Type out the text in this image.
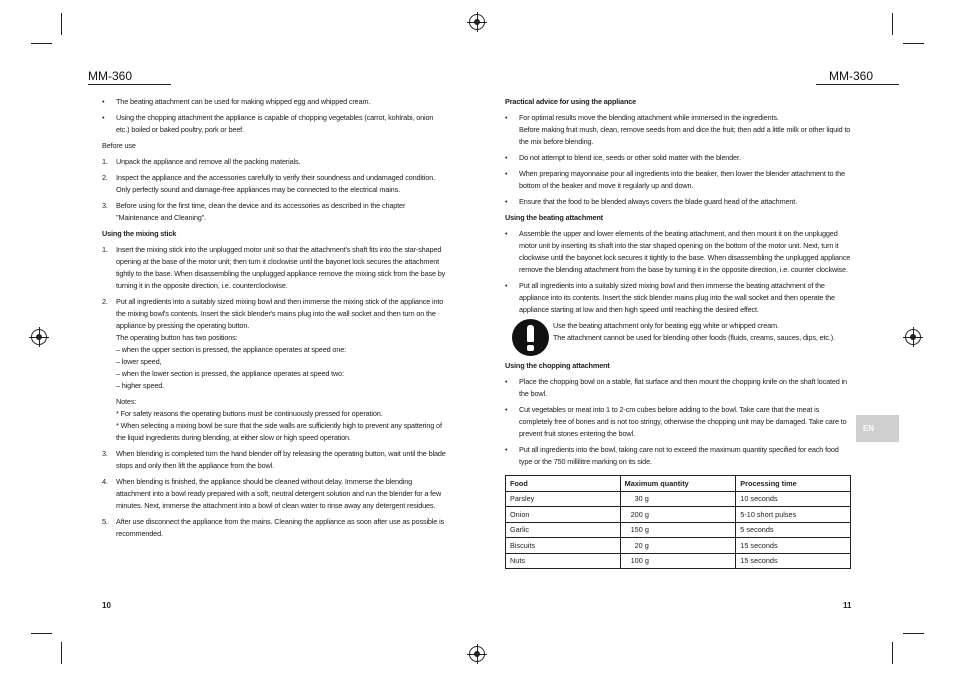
MM-360	MM-360
• The beating attachment can be used for making whipped egg and whipped cream.
• Using the chopping attachment the appliance is capable of chopping vegetables (carrot, kohlrabi, onion etc.) boiled or baked poultry, pork or beef.
Before use
1. Unpack the appliance and remove all the packing materials.
2. Inspect the appliance and the accessories carefully to verify their soundness and undamaged condition. Only perfectly sound and damage-free appliances may be connected to the electrical mains.
3. Before using for the first time, clean the device and its accessories as described in the chapter "Maintenance and Cleaning".
Using the mixing stick
1. Insert the mixing stick into the unplugged motor unit so that the attachment's shaft fits into the star-shaped opening at the base of the motor unit; then turn it clockwise until the bayonet lock secures the attachment tightly to the base. When disassembling the unplugged appliance remove the mixing stick from the base by turning it in the opposite direction, i.e. counterclockwise.
2. Put all ingredients into a suitably sized mixing bowl and then immerse the mixing stick of the appliance into the mixing bowl's contents. Insert the stick blender's mains plug into the wall socket and then turn on the appliance by pressing the operating button.
The operating button has two positions:
– when the upper section is pressed, the appliance operates at speed one:
– lower speed,
– when the lower section is pressed, the appliance operates at speed two:
– higher speed.
Notes:
* For safety reasons the operating buttons must be continuously pressed for operation.
* When selecting a mixing bowl be sure that the side walls are sufficiently high to prevent any spattering of the liquid ingredients during blending, at either slow or high speed operation.
3. When blending is completed turn the hand blender off by releasing the operating button, wait until the blade stops and only then lift the appliance from the bowl.
4. When blending is finished, the appliance should be cleaned without delay. Immerse the blending attachment into a bowl ready prepared with a soft, neutral detergent solution and run the blender for a few minutes. Next, immerse the attachment into a bowl of clean water to rinse away any detergent residues.
5. After use disconnect the appliance from the mains. Cleaning the appliance as soon after use as possible is recommended.
10
Practical advice for using the appliance
• For optimal results move the blending attachment while immersed in the ingredients.
Before making fruit mush, clean, remove seeds from and dice the fruit; then add a little milk or other liquid to the mix before blending.
• Do not attempt to blend ice, seeds or other solid matter with the blender.
• When preparing mayonnaise pour all ingredients into the beaker, then lower the blender attachment to the bottom of the beaker and move it regularly up and down.
• Ensure that the food to be blended always covers the blade guard head of the attachment.
Using the beating attachment
• Assemble the upper and lower elements of the beating attachment, and then mount it on the unplugged motor unit by inserting its shaft into the star shaped opening on the bottom of the motor unit. Next, turn it clockwise until the bayonet lock secures it tightly to the base. When disassembling the unplugged appliance remove the blending attachment from the base by turning it in the opposite direction, i.e. counter clockwise.
• Put all ingredients into a suitably sized mixing bowl and then immerse the beating attachment of the appliance into its contents. Insert the stick blender mains plug into the wall socket and then operate the appliance starting at low and then high speed until reaching the desired effect.
Use the beating attachment only for beating egg white or whipped cream.
The attachment cannot be used for blending other foods (fluids, creams, sauces, dips, etc.).
Using the chopping attachment
• Place the chopping bowl on a stable, flat surface and then mount the chopping knife on the shaft located in the bowl.
• Cut vegetables or meat into 1 to 2-cm cubes before adding to the bowl. Take care that the meat is completely free of bones and is not too stringy, otherwise the chopping unit may be damaged. Take care to prevent fruit stones entering the bowl.
• Put all ingredients into the bowl, taking care not to exceed the maximum quantity specified for each food type or the 750 millilitre marking on its side.
Food	Maximum quantity	Processing time
Parsley	30 g	10 seconds
Onion	200 g	5-10 short pulses
Garlic	150 g	5 seconds
Biscuits	20 g	15 seconds
Nuts	100 g	15 seconds
EN
11
